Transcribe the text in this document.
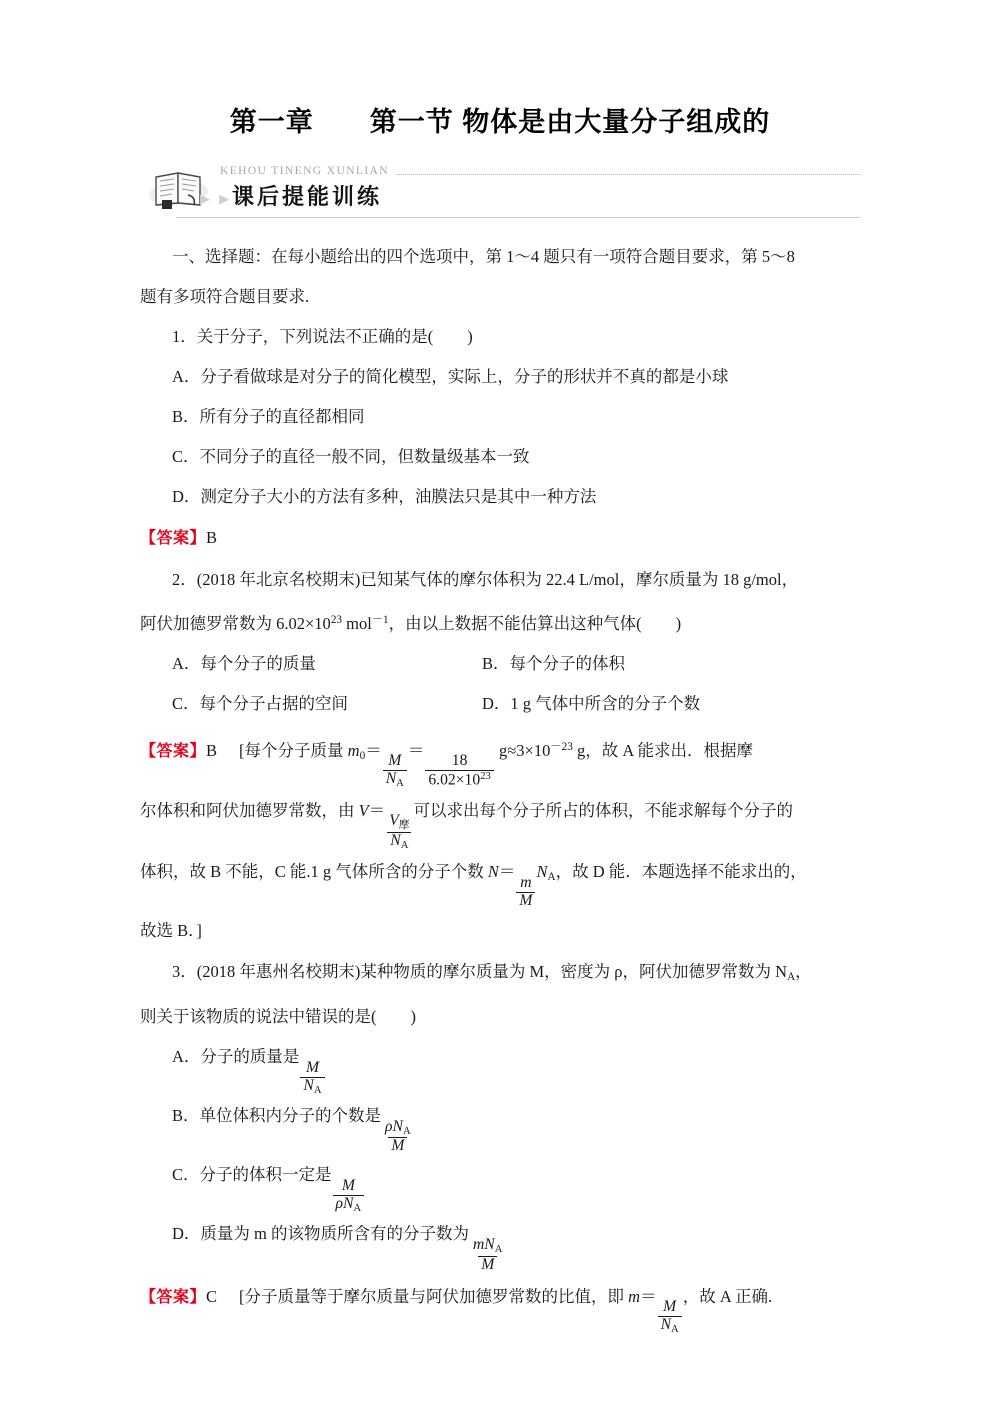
第一章　　第一节 物体是由大量分子组成的
KEHOU TINENG XUNLIAN
▶ ▶ 课后提能训练

一、选择题：在每小题给出的四个选项中，第 1～4 题只有一项符合题目要求，第 5～8

题有多项符合题目要求.

1．关于分子，下列说法不正确的是( )

A．分子看做球是对分子的简化模型，实际上，分子的形状并不真的都是小球

B．所有分子的直径都相同

C．不同分子的直径一般不同，但数量级基本一致

D．测定分子大小的方法有多种，油膜法只是其中一种方法

【答案】B

2．(2018 年北京名校期末)已知某气体的摩尔体积为 22.4 L/mol，摩尔质量为 18 g/mol，

阿伏加德罗常数为 $6.02\times 10^{23}$ mol$^{-1}$，由以上数据不能估算出这种气体( )

A．每个分子的质量	B．每个分子的体积
C．每个分子占据的空间	D．1 g 气体中所含的分子个数

【答案】B [每个分子质量 $m_0=$
$\frac{M}{N_A}$
＝
$\frac{18}{6.02\times 10^{23}}$
$g\approx 3\times 10^{-23}$ g，故 A 能求出．根据摩

尔体积和阿伏加德罗常数，由 V＝
$\frac{V_摩}{N_A}$
可以求出每个分子所占的体积，不能求解每个分子的

体积，故 B 不能，C 能.1 g 气体所含的分子个数 N＝
$\frac{m}{M}$
$N_A$，故 D 能．本题选择不能求出的，

故选 B．]

3．(2018 年惠州名校期末)某种物质的摩尔质量为 M，密度为 ρ，阿伏加德罗常数为 $N_A$，

则关于该物质的说法中错误的是( )

A．分子的质量是
$\frac{M}{N_A}$

B．单位体积内分子的个数是
$\frac{\rho N_A}{M}$

C．分子的体积一定是
$\frac{M}{\rho N_A}$

D．质量为 m 的该物质所含有的分子数为
$\frac{mN_A}{M}$

【答案】C [分子质量等于摩尔质量与阿伏加德罗常数的比值，即 m＝
$\frac{M}{N_A}$
，故 A 正确.
